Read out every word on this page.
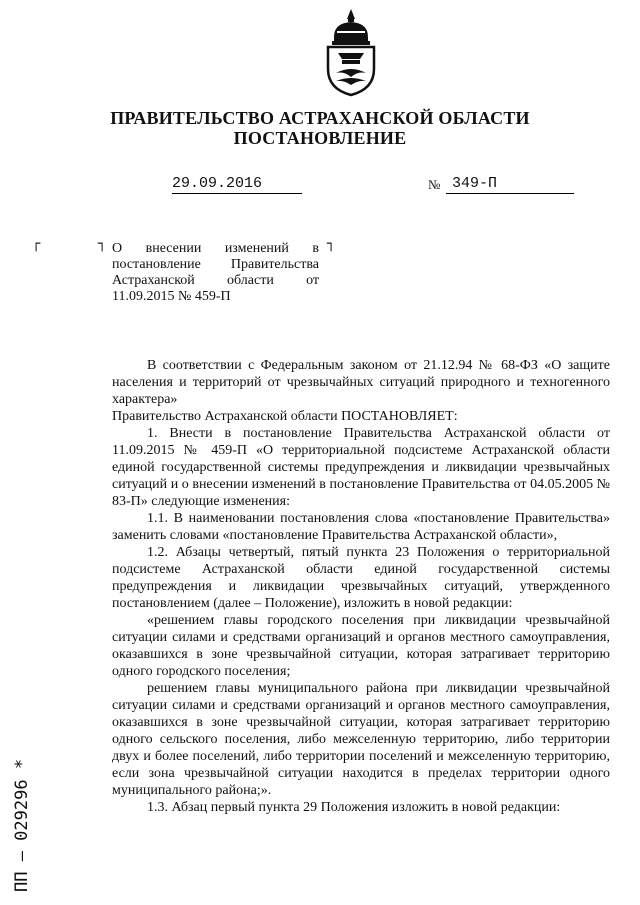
ПРАВИТЕЛЬСТВО АСТРАХАНСКОЙ ОБЛАСТИ
ПОСТАНОВЛЕНИЕ
29.09.2016	№ 349-П
┌	┐	┐
О внесении изменений в постановление Правительства Астраханской области от 11.09.2015 № 459-П

В соответствии с Федеральным законом от 21.12.94 № 68-ФЗ «О защите населения и территорий от чрезвычайных ситуаций природного и техногенного характера»

Правительство Астраханской области ПОСТАНОВЛЯЕТ:

1. Внести в постановление Правительства Астраханской области от 11.09.2015 № 459-П «О территориальной подсистеме Астраханской области единой государственной системы предупреждения и ликвидации чрезвычайных ситуаций и о внесении изменений в постановление Правительства от 04.05.2005 № 83-П» следующие изменения:

1.1. В наименовании постановления слова «постановление Правительства» заменить словами «постановление Правительства Астраханской области»,

1.2. Абзацы четвертый, пятый пункта 23 Положения о территориальной подсистеме Астраханской области единой государственной системы предупреждения и ликвидации чрезвычайных ситуаций, утвержденного постановлением (далее – Положение), изложить в новой редакции:

«решением главы городского поселения при ликвидации чрезвычайной ситуации силами и средствами организаций и органов местного самоуправления, оказавшихся в зоне чрезвычайной ситуации, которая затрагивает территорию одного городского поселения;

решением главы муниципального района при ликвидации чрезвычайной ситуации силами и средствами организаций и органов местного самоуправления, оказавшихся в зоне чрезвычайной ситуации, которая затрагивает территорию одного сельского поселения, либо межселенную территорию, либо территории двух и более поселений, либо территории поселений и межселенную территорию, если зона чрезвычайной ситуации находится в пределах территории одного муниципального района;».

1.3. Абзац первый пункта 29 Положения изложить в новой редакции:

ПП – 029296 *
